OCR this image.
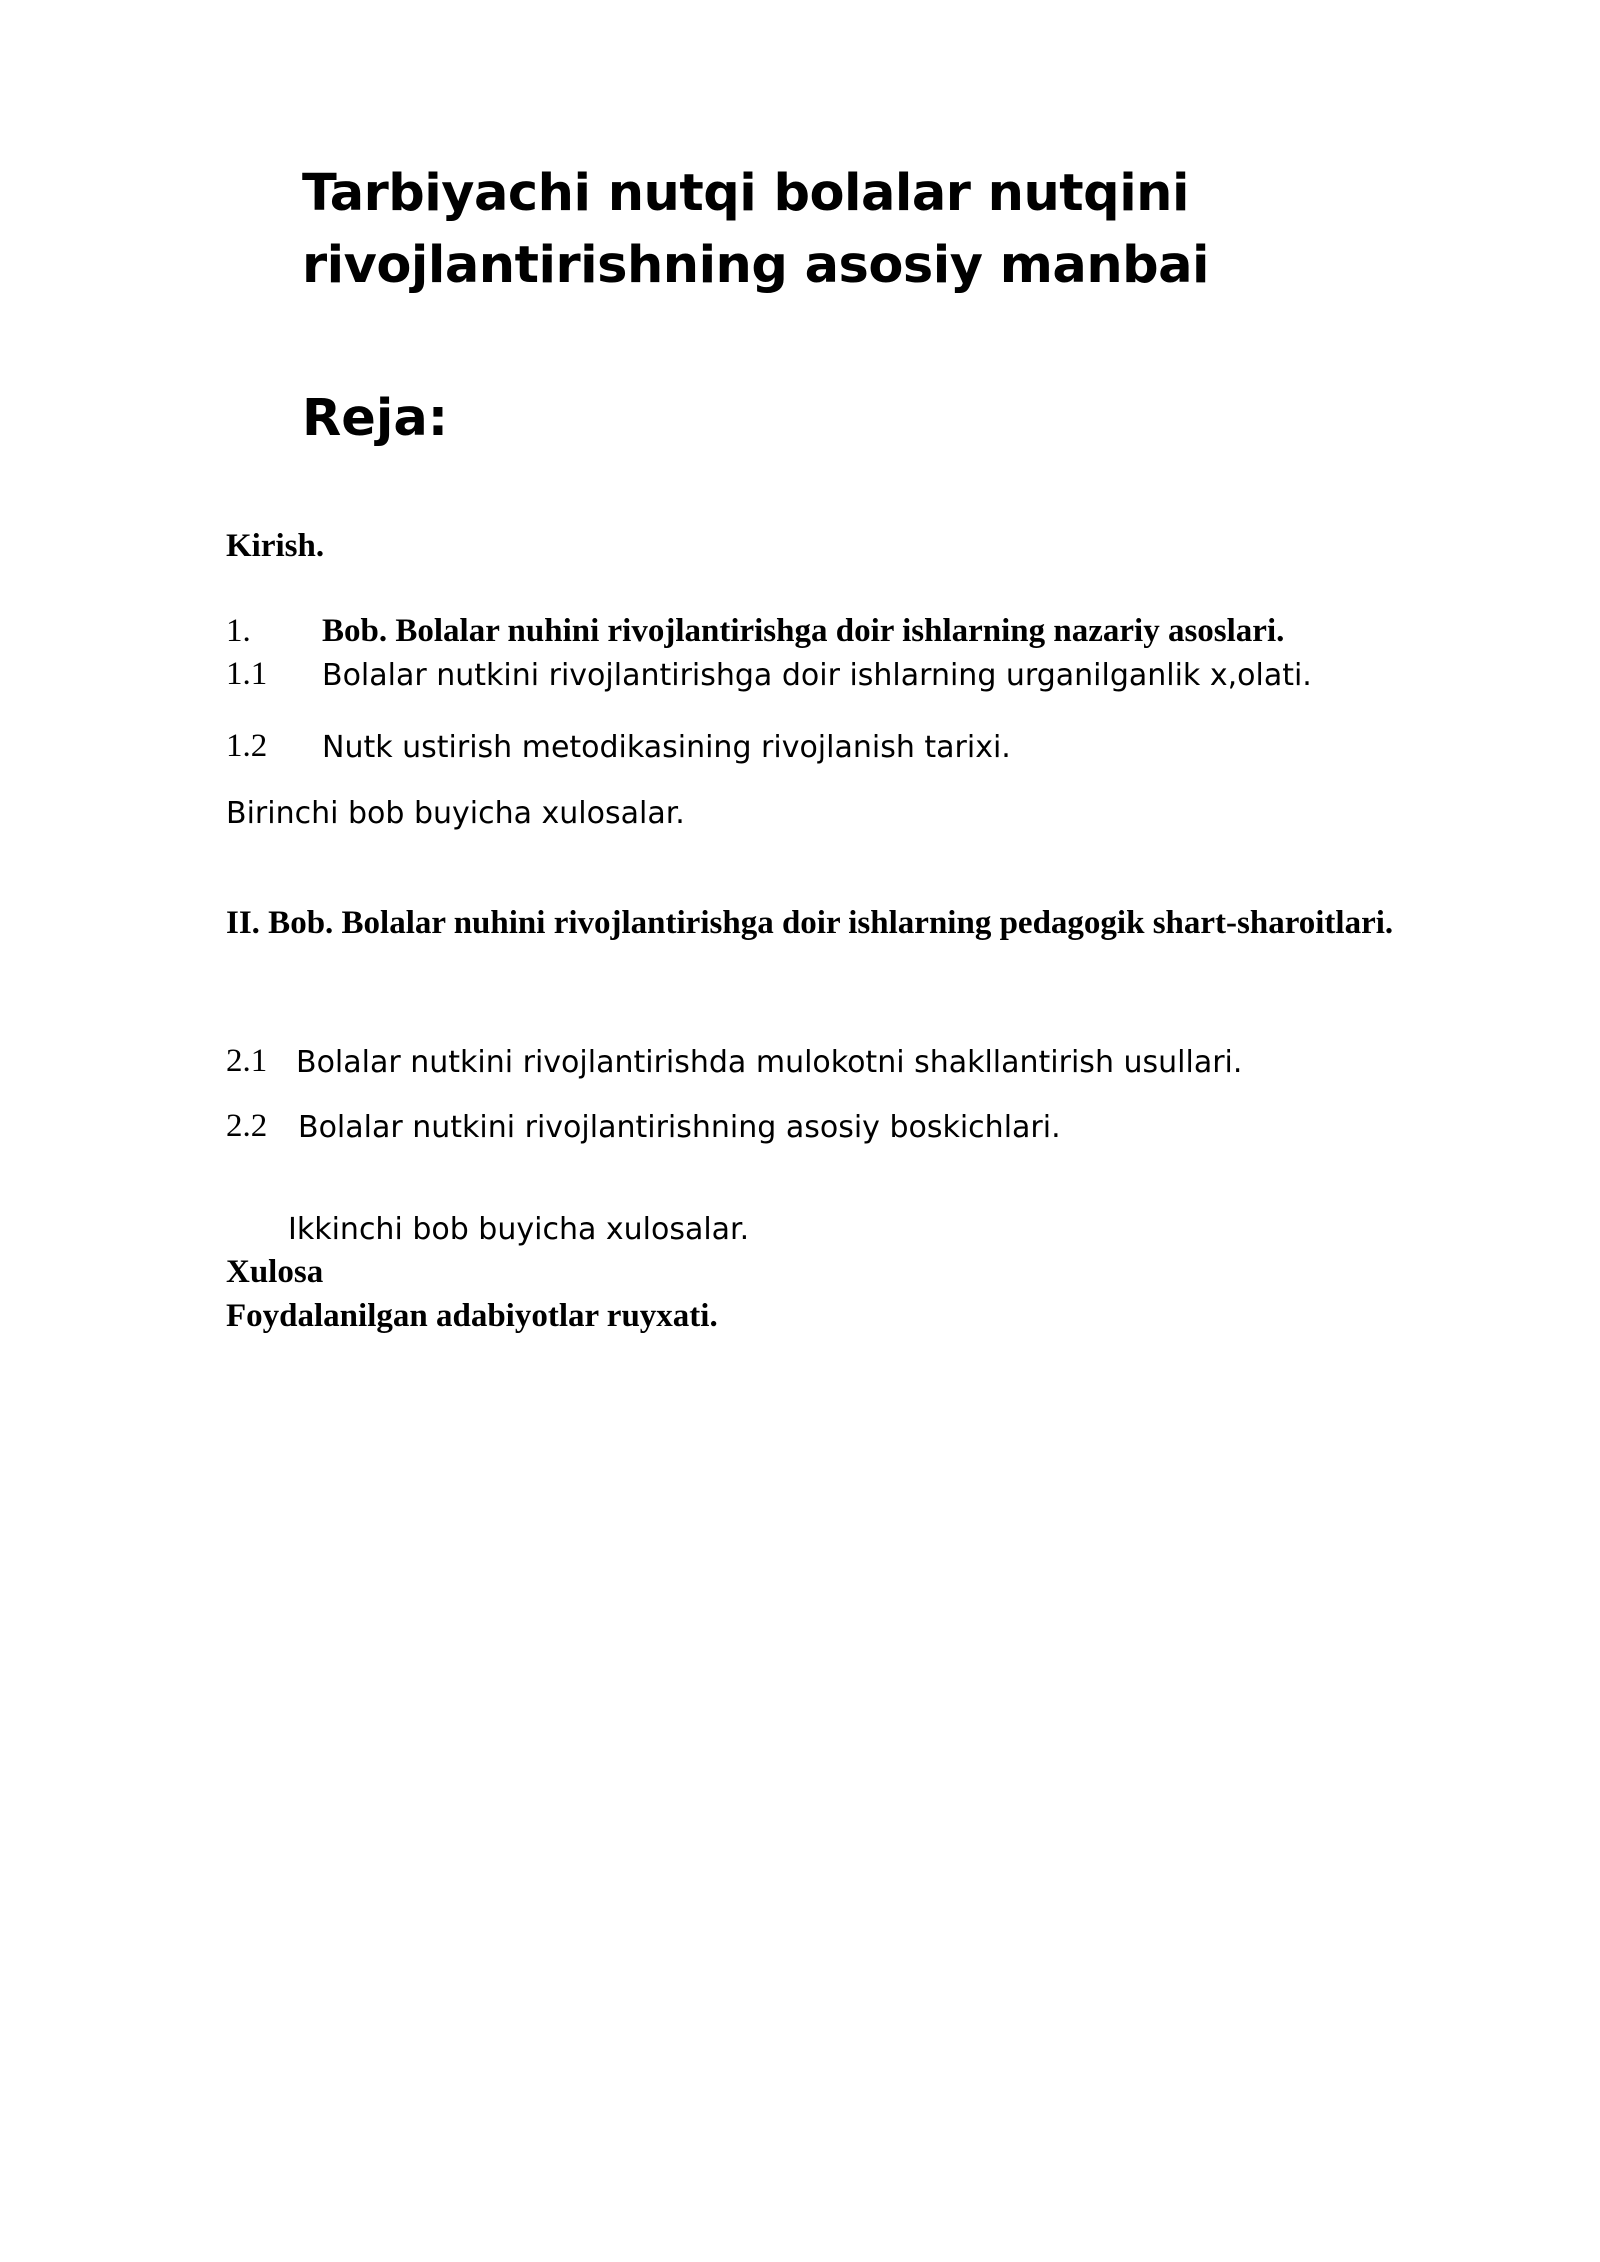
Tarbiyachi nutqi bolalar nutqini
rivojlantirishning asosiy manbai
Reja:
Kirish.
1. Bob. Bolalar nuhini rivojlantirishga doir ishlarning nazariy asoslari.
1.1 Bolalar nutkini rivojlantirishga doir ishlarning urganilganlik x,olati.
1.2 Nutk ustirish metodikasining rivojlanish tarixi.
Birinchi bob buyicha xulosalar.
II. Bob. Bolalar nuhini rivojlantirishga doir ishlarning pedagogik shart-sharoitlari.
2.1 Bolalar nutkini rivojlantirishda mulokotni shakllantirish usullari.
2.2 Bolalar nutkini rivojlantirishning asosiy boskichlari.
Ikkinchi bob buyicha xulosalar.
Xulosa
Foydalanilgan adabiyotlar ruyxati.
